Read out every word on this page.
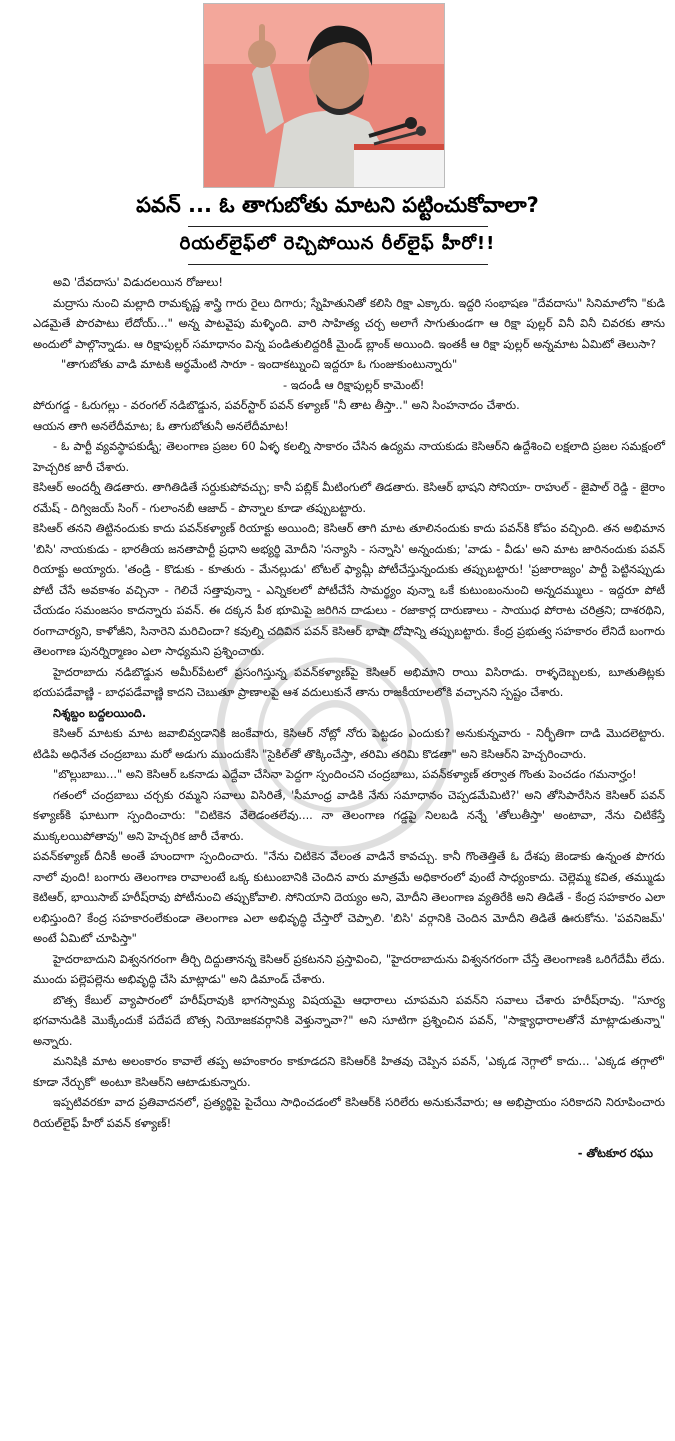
పవన్ ... ఓ తాగుబోతు మాటని పట్టించుకోవాలా?
రియల్‌లైఫ్‌లో రెచ్చిపోయిన రీల్‌లైఫ్ హీరో!!

అవి 'దేవదాసు' విడుదలయిన రోజులు!

మద్రాసు నుంచి మల్లాది రామకృష్ణ శాస్త్రి గారు రైలు దిగారు; స్నేహితునితో కలిసి రిక్షా ఎక్కారు. ఇద్దరి సంభాషణ "దేవదాసు" సినిమాలోని "కుడి ఎడమైతే పొరపాటు లేదోయ్..." అన్న పాటవైపు మళ్ళింది. వారి సాహిత్య చర్చ అలాగే సాగుతుండగా ఆ రిక్షా పుల్లర్ వినీ వినీ చివరకు తాను అందులో పాల్గొన్నాడు. ఆ రిక్షాపుల్లర్ సమాధానం విన్న పండితులిద్దరికీ మైండ్ బ్లాంక్ అయింది. ఇంతకీ ఆ రిక్షా పుల్లర్ అన్నమాట ఏమిటో తెలుసా?

"తాగుబోతు వాడి మాటకి అర్థమేంటి సారూ - ఇందాకట్నుంచి ఇద్దరూ ఓ గుంజుకుంటున్నారు"

- ఇదండీ ఆ రిక్షాపుల్లర్ కామెంట్!

పోరుగడ్డ - ఓరుగల్లు - వరంగల్ నడిబొడ్డున, పవర్‌స్టార్ పవన్ కళ్యాణ్ "నీ తాట తీస్తా.." అని సింహనాదం చేశారు.

ఆయన తాగి అనలేదీమాట; ఓ తాగుబోతునీ అనలేదీమాట!

- ఓ పార్టీ వ్యవస్థాపకుడ్నీ; తెలంగాణ ప్రజల 60 ఏళ్ళ కలల్ని సాకారం చేసిన ఉద్యమ నాయకుడు కెసిఆర్‌ని ఉద్దేశించి లక్షలాది ప్రజల సమక్షంలో హెచ్చరిక జారీ చేశారు.

కెసిఆర్ అందర్నీ తిడతారు. తాగితిడితే సర్దుకుపోవచ్చు; కానీ పబ్లిక్ మీటింగులో తిడతారు. కెసిఆర్ భాషని సోనియా- రాహుల్ - జైపాల్ రెడ్డి - జైరాం రమేష్ - దిగ్విజయ్ సింగ్ - గులాంనబీ ఆజాద్ - పొన్నాల కూడా తప్పుబట్టారు.

కెసిఆర్ తనని తిట్టినందుకు కాదు పవన్‌కళ్యాణ్ రియాక్టు అయింది; కెసిఆర్ తాగి మాట తూలినందుకు కాదు పవన్‌కి కోపం వచ్చింది. తన అభిమాన 'బిసి' నాయకుడు - భారతీయ జనతాపార్టీ ప్రధాని అభ్యర్థి మోదీని 'సన్యాసి - సన్నాసి' అన్నందుకు; 'వాడు - వీడు' అని మాట జారినందుకు పవన్ రియాక్టు అయ్యారు. 'తండ్రి - కొడుకు - కూతురు - మేనల్లుడు' టోటల్ ఫ్యామ్లీ పోటీచేస్తున్నందుకు తప్పుబట్టారు! 'ప్రజారాజ్యం' పార్టీ పెట్టినప్పుడు పోటీ చేసే అవకాశం వచ్చినా - గెలిచే సత్తావున్నా - ఎన్నికలలో పోటీచేసే సామర్థ్యం వున్నా ఒకే కుటుంబంనుంచి అన్నదమ్ములు - ఇద్దరూ పోటీ చేయడం సమంజసం కాదన్నారు పవన్. ఈ దక్కన పీఠ భూమిపై జరిగిన దాడులు - రజాకార్ల దారుణాలు - సాయుధ పోరాట చరిత్రని; దాశరథిని, రంగాచార్యని, కాళోజీని, సినారెని మరిచిందా? కవుల్ని చదివిన పవన్ కెసిఆర్ భాషా దోషాన్ని తప్పుబట్టారు. కేంద్ర ప్రభుత్వ సహకారం లేనిదే బంగారు తెలంగాణ పునర్నిర్మాణం ఎలా సాధ్యమని ప్రశ్నించారు.

హైదరాబాదు నడిబొడ్డున అమీర్‌పేటలో ప్రసంగిస్తున్న పవన్‌కళ్యాణ్‌పై కెసిఆర్ అభిమాని రాయి విసిరాడు. రాళ్ళదెబ్బలకు, బూతుతిట్లకు భయపడేవాణ్ణి - బాధపడేవాణ్ణి కాదని చెబుతూ ప్రాణాలపై ఆశ వదులుకునే తాను రాజకీయాలలోకి వచ్చానని స్పష్టం చేశారు.

నిశ్శబ్దం బద్దలయింది.

కెసిఆర్ మాటకు మాట జవాబివ్వడానికి జంకేవారు, కెసిఆర్ నోట్లో నోరు పెట్టడం ఎందుకు? అనుకున్నవారు - నిర్భీతిగా దాడి మొదలెట్టారు. టిడిపి అధినేత చంద్రబాబు మరో అడుగు ముందుకేసి "సైకిల్‌తో తొక్కించేస్తా, తరిమి తరిమి కొడతా" అని కెసిఆర్‌ని హెచ్చరించారు.

"బొల్లుబాబు..." అని కెసిఆర్ ఒకనాడు ఎద్దేవా చేసినా పెద్దగా స్పందించని చంద్రబాబు, పవన్‌కళ్యాణ్ తర్వాత గొంతు పెంచడం గమనార్హం!

గతంలో చంద్రబాబు చర్చకు రమ్మని సవాలు విసిరితే, 'సీమాంధ్ర వాడికి నేను సమాధానం చెప్పడమేమిటి?' అని తోసిపారేసిన కెసిఆర్ పవన్ కళ్యాణ్‌కి ఘాటుగా స్పందించారు: "చిటికెన వేలెడంతలేవు.... నా తెలంగాణ గడ్డపై నిలబడి నన్నే 'తోలుతీస్తా' అంటావా, నేను చిటికేస్తే ముక్కలయిపోతావు" అని హెచ్చరిక జారీ చేశారు.

పవన్‌కళ్యాణ్ దీనికీ అంతే హుందాగా స్పందించారు. "నేను చిటికెన వేలంత వాడినే కావచ్చు. కానీ గొంతెత్తితే ఓ దేశపు జెండాకు ఉన్నంత పొగరు నాలో వుంది! బంగారు తెలంగాణ రావాలంటే ఒక్క కుటుంబానికి చెందిన వారు మాత్రమే అధికారంలో వుంటే సాధ్యంకాదు. చెల్లెమ్మ కవిత, తమ్ముడు కెటిఆర్, భాయిసాబ్ హరీష్‌రావు పోటీనుంచి తప్పుకోవాలి. సోనియాని దెయ్యం అని, మోదీని తెలంగాణ వ్యతిరేకి అని తిడితే - కేంద్ర సహకారం ఎలా లభిస్తుంది? కేంద్ర సహకారంలేకుండా తెలంగాణ ఎలా అభివృద్ధి చేస్తారో చెప్పాలి. 'బిసి' వర్గానికి చెందిన మోదీని తిడితే ఊరుకోను. 'పవనిజమ్' అంటే ఏమిటో చూపిస్తా"

హైదరాబాదుని విశ్వనగరంగా తీర్చి దిద్దుతానన్న కెసిఆర్ ప్రకటనని ప్రస్తావించి, "హైదరాబాదును విశ్వనగరంగా చేస్తే తెలంగాణకి ఒరిగేదేమీ లేదు. ముందు పల్లెపల్లెను అభివృద్ధి చేసి మాట్లాడు" అని డిమాండ్ చేశారు.

బొత్స కేబుల్ వ్యాపారంలో హరీష్‌రావుకి భాగస్వామ్య విషయమై ఆధారాలు చూపమని పవన్‌ని సవాలు చేశారు హరీష్‌రావు. "సూర్య భగవానుడికి మొక్కేందుకే పదేపదే బొత్స నియోజకవర్గానికి వెళ్తున్నావా?" అని సూటిగా ప్రశ్నించిన పవన్, "సాక్ష్యాధారాలతోనే మాట్లాడుతున్నా" అన్నారు.

మనిషికి మాట అలంకారం కావాలే తప్ప అహంకారం కాకూడదని కెసిఆర్‌కి హితవు చెప్పిన పవన్, 'ఎక్కడ నెగ్గాలో కాదు... 'ఎక్కడ తగ్గాలో' కూడా నేర్చుకో' అంటూ కెసిఆర్‌ని ఆటాడుకున్నారు.

ఇప్పటివరకూ వాద ప్రతివాదనలో, ప్రత్యర్థిపై పైచేయి సాధించడంలో కెసిఆర్‌కి సరిలేరు అనుకునేవారు; ఆ అభిప్రాయం సరికాదని నిరూపించారు రియల్‌లైఫ్ హీరో పవన్ కళ్యాణ్!

- తోటకూర రఘు
